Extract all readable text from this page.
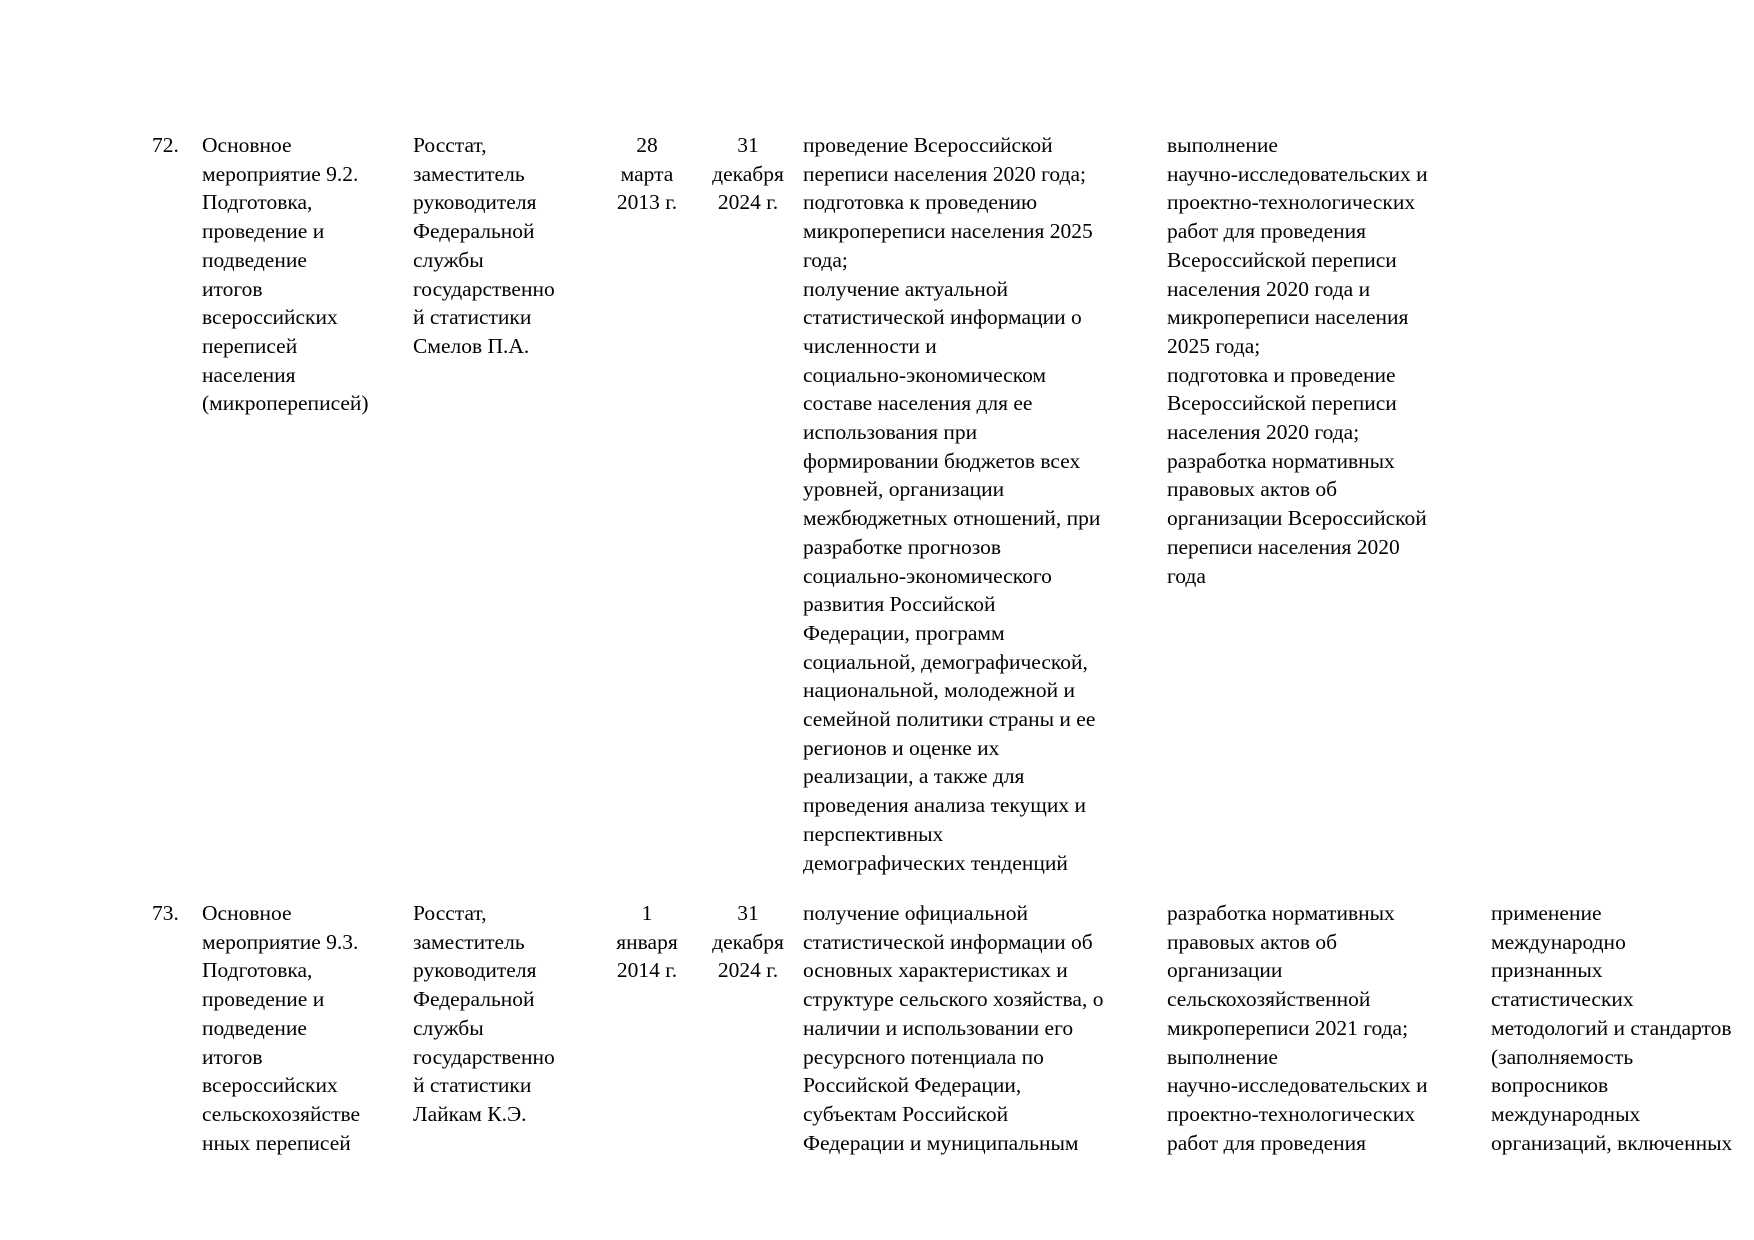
72.	Основное
мероприятие 9.2.
Подготовка,
проведение и
подведение
итогов
всероссийских
переписей
населения
(микропереписей)
Росстат,
заместитель
руководителя
Федеральной
службы
государственно
й статистики
Смелов П.А.
28
марта
2013 г.
31
декабря
2024 г.
проведение Всероссийской
переписи населения 2020 года;
подготовка к проведению
микропереписи населения 2025
года;
получение актуальной
статистической информации о
численности и
социально-экономическом
составе населения для ее
использования при
формировании бюджетов всех
уровней, организации
межбюджетных отношений, при
разработке прогнозов
социально-экономического
развития Российской
Федерации, программ
социальной, демографической,
национальной, молодежной и
семейной политики страны и ее
регионов и оценке их
реализации, а также для
проведения анализа текущих и
перспективных
демографических тенденций
выполнение
научно-исследовательских и
проектно-технологических
работ для проведения
Всероссийской переписи
населения 2020 года и
микропереписи населения
2025 года;
подготовка и проведение
Всероссийской переписи
населения 2020 года;
разработка нормативных
правовых актов об
организации Всероссийской
переписи населения 2020
года
73.	Основное
мероприятие 9.3.
Подготовка,
проведение и
подведение
итогов
всероссийских
сельскохозяйстве
нных переписей
Росстат,
заместитель
руководителя
Федеральной
службы
государственно
й статистики
Лайкам К.Э.
1
января
2014 г.
31
декабря
2024 г.
получение официальной
статистической информации об
основных характеристиках и
структуре сельского хозяйства, о
наличии и использовании его
ресурсного потенциала по
Российской Федерации,
субъектам Российской
Федерации и муниципальным
разработка нормативных
правовых актов об
организации
сельскохозяйственной
микропереписи 2021 года;
выполнение
научно-исследовательских и
проектно-технологических
работ для проведения
применение
международно
признанных
статистических
методологий и стандартов
(заполняемость
вопросников
международных
организаций, включенных
